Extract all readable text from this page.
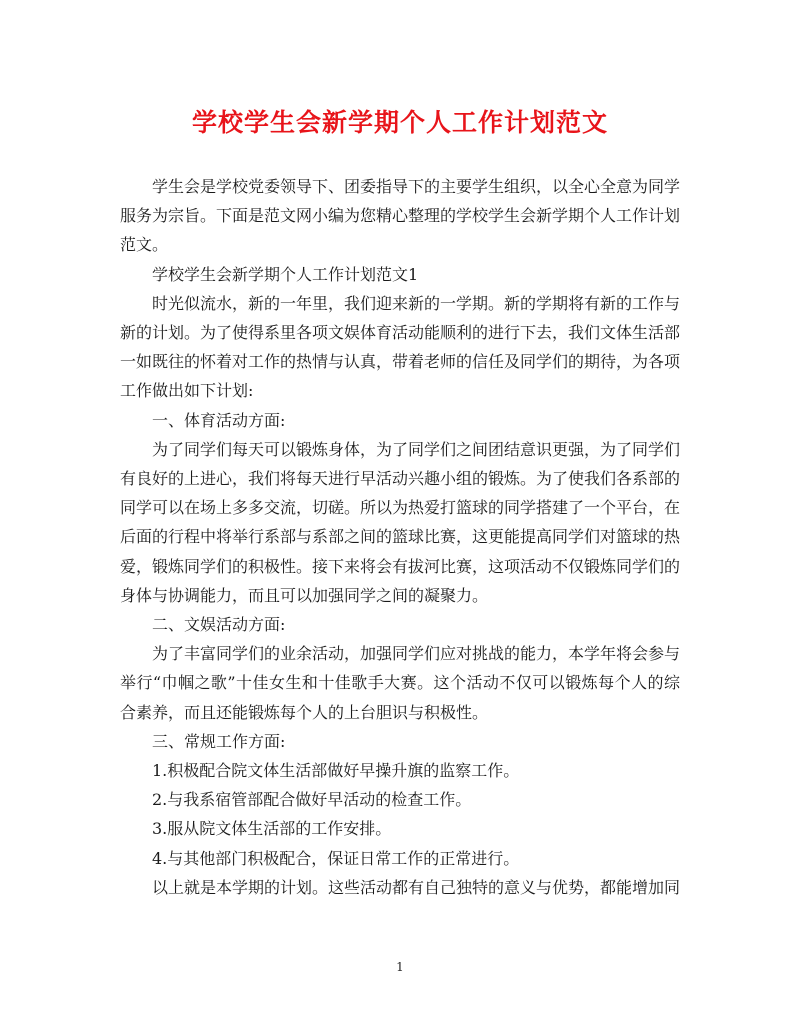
学校学生会新学期个人工作计划范文

学生会是学校党委领导下、团委指导下的主要学生组织，以全心全意为同学服务为宗旨。下面是范文网小编为您精心整理的学校学生会新学期个人工作计划范文。

学校学生会新学期个人工作计划范文1

时光似流水，新的一年里，我们迎来新的一学期。新的学期将有新的工作与新的计划。为了使得系里各项文娱体育活动能顺利的进行下去，我们文体生活部一如既往的怀着对工作的热情与认真，带着老师的信任及同学们的期待，为各项工作做出如下计划:

一、体育活动方面:

为了同学们每天可以锻炼身体，为了同学们之间团结意识更强，为了同学们有良好的上进心，我们将每天进行早活动兴趣小组的锻炼。为了使我们各系部的同学可以在场上多多交流，切磋。所以为热爱打篮球的同学搭建了一个平台，在后面的行程中将举行系部与系部之间的篮球比赛，这更能提高同学们对篮球的热爱，锻炼同学们的积极性。接下来将会有拔河比赛，这项活动不仅锻炼同学们的身体与协调能力，而且可以加强同学之间的凝聚力。

二、文娱活动方面:

为了丰富同学们的业余活动，加强同学们应对挑战的能力，本学年将会参与举行“巾帼之歌”十佳女生和十佳歌手大赛。这个活动不仅可以锻炼每个人的综合素养，而且还能锻炼每个人的上台胆识与积极性。

三、常规工作方面:

1.积极配合院文体生活部做好早操升旗的监察工作。

2.与我系宿管部配合做好早活动的检查工作。

3.服从院文体生活部的工作安排。

4.与其他部门积极配合，保证日常工作的正常进行。

以上就是本学期的计划。这些活动都有自己独特的意义与优势，都能增加同

1
